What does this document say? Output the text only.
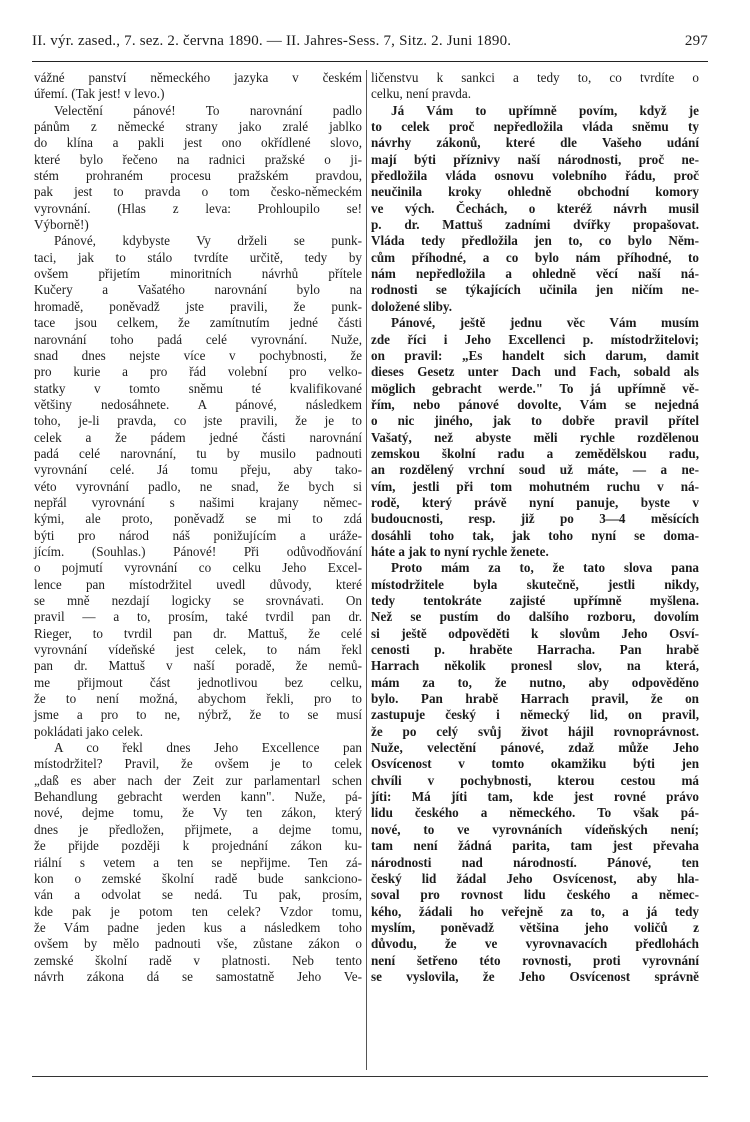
II. výr. zased., 7. sez. 2. června 1890. — II. Jahres-Sess. 7, Sitz. 2. Juni 1890.	297
vážné panství německého jazyka v českém
úřemí. (Tak jest! v levo.)
Velectění pánové! To narovnání padlo
pánům z německé strany jako zralé jablko
do klína a pakli jest ono okřídlené slovo,
které bylo řečeno na radnici pražské o ji-
stém prohraném procesu pražském pravdou,
pak jest to pravda o tom česko-německém
vyrovnání. (Hlas z leva: Prohloupilo se!
Výborně!)
Pánové, kdybyste Vy drželi se punk-
taci, jak to stálo tvrdíte určitě, tedy by
ovšem přijetím minoritních návrhů přítele
Kučery a Vašatého narovnání bylo na
hromadě, poněvadž jste pravili, že punk-
tace jsou celkem, že zamítnutím jedné části
narovnání toho padá celé vyrovnání. Nuže,
snad dnes nejste více v pochybnosti, že
pro kurie a pro řád volební pro velko-
statky v tomto sněmu té kvalifikované
většiny nedosáhnete. A pánové, následkem
toho, je-li pravda, co jste pravili, že je to
celek a že pádem jedné části narovnání
padá celé narovnání, tu by musilo padnouti
vyrovnání celé. Já tomu přeju, aby tako-
véto vyrovnání padlo, ne snad, že bych si
nepřál vyrovnání s našimi krajany němec-
kými, ale proto, poněvadž se mi to zdá
býti pro národ náš ponižujícím a uráže-
jícím. (Souhlas.) Pánové! Při odůvodňování
o pojmutí vyrovnání co celku Jeho Excel-
lence pan místodržitel uvedl důvody, které
se mně nezdají logicky se srovnávati. On
pravil — a to, prosím, také tvrdil pan dr.
Rieger, to tvrdil pan dr. Mattuš, že celé
vyrovnání vídeňské jest celek, to nám řekl
pan dr. Mattuš v naší poradě, že nemů-
me přijmout část jednotlivou bez celku,
že to není možná, abychom řekli, pro to
jsme a pro to ne, nýbrž, že to se musí
pokládati jako celek.
A co řekl dnes Jeho Excellence pan
místodržitel? Pravil, že ovšem je to celek
„daß es aber nach der Zeit zur parlamentarl schen
Behandlung gebracht werden kann". Nuže, pá-
nové, dejme tomu, že Vy ten zákon, který
dnes je předložen, přijmete, a dejme tomu,
že přijde později k projednání zákon ku-
riální s vetem a ten se nepřijme. Ten zá-
kon o zemské školní radě bude sankciono-
ván a odvolat se nedá. Tu pak, prosím,
kde pak je potom ten celek? Vzdor tomu,
že Vám padne jeden kus a následkem toho
ovšem by mělo padnouti vše, zůstane zákon o
zemské školní radě v platnosti. Neb tento
návrh zákona dá se samostatně Jeho Ve-
ličenstvu k sankci a tedy to, co tvrdíte o
celku, není pravda.
Já Vám to upřímně povím, když je
to celek proč nepředložila vláda sněmu ty
návrhy zákonů, které dle Vašeho udání
mají býti příznivy naší národnosti, proč ne-
předložila vláda osnovu volebního řádu, proč
neučinila kroky ohledně obchodní komory
ve vých. Čechách, o kteréž návrh musil
p. dr. Mattuš zadními dvířky propašovat.
Vláda tedy předložila jen to, co bylo Něm-
cům příhodné, a co bylo nám příhodné, to
nám nepředložila a ohledně věcí naší ná-
rodnosti se týkajících učinila jen ničím ne-
doložené sliby.
Pánové, ještě jednu věc Vám musím
zde říci i Jeho Excellenci p. místodržitelovi;
on pravil: „Es handelt sich darum, damit
dieses Gesetz unter Dach und Fach, sobald als
möglich gebracht werde." To já upřímně vě-
řím, nebo pánové dovolte, Vám se nejedná
o nic jiného, jak to dobře pravil přítel
Vašatý, než abyste měli rychle rozdělenou
zemskou školní radu a zemědělskou radu,
an rozdělený vrchní soud už máte, — a ne-
vím, jestli při tom mohutném ruchu v ná-
rodě, který právě nyní panuje, byste v
budoucnosti, resp. již po 3—4 měsících
dosáhli toho tak, jak toho nyní se doma-
háte a jak to nyní rychle ženete.
Proto mám za to, že tato slova pana
místodržitele byla skutečně, jestli nikdy,
tedy tentokráte zajisté upřímně myšlena.
Než se pustím do dalšího rozboru, dovolím
si ještě odpověděti k slovům Jeho Osví-
cenosti p. hraběte Harracha. Pan hrabě
Harrach několik pronesl slov, na která,
mám za to, že nutno, aby odpověděno
bylo. Pan hrabě Harrach pravil, že on
zastupuje český i německý lid, on pravil,
že po celý svůj život hájil rovnoprávnost.
Nuže, velectění pánové, zdaž může Jeho
Osvícenost v tomto okamžiku býti jen
chvíli v pochybnosti, kterou cestou má
jíti: Má jíti tam, kde jest rovné právo
lidu českého a německého. To však pá-
nové, to ve vyrovnáních vídeňských není;
tam není žádná parita, tam jest převaha
národnosti nad národností. Pánové, ten
český lid žádal Jeho Osvícenost, aby hla-
soval pro rovnost lidu českého a němec-
kého, žádali ho veřejně za to, a já tedy
myslím, poněvadž většina jeho voličů z
důvodu, že ve vyrovnavacích předlohách
není šetřeno této rovnosti, proti vyrovnání
se vyslovila, že Jeho Osvícenost správně
